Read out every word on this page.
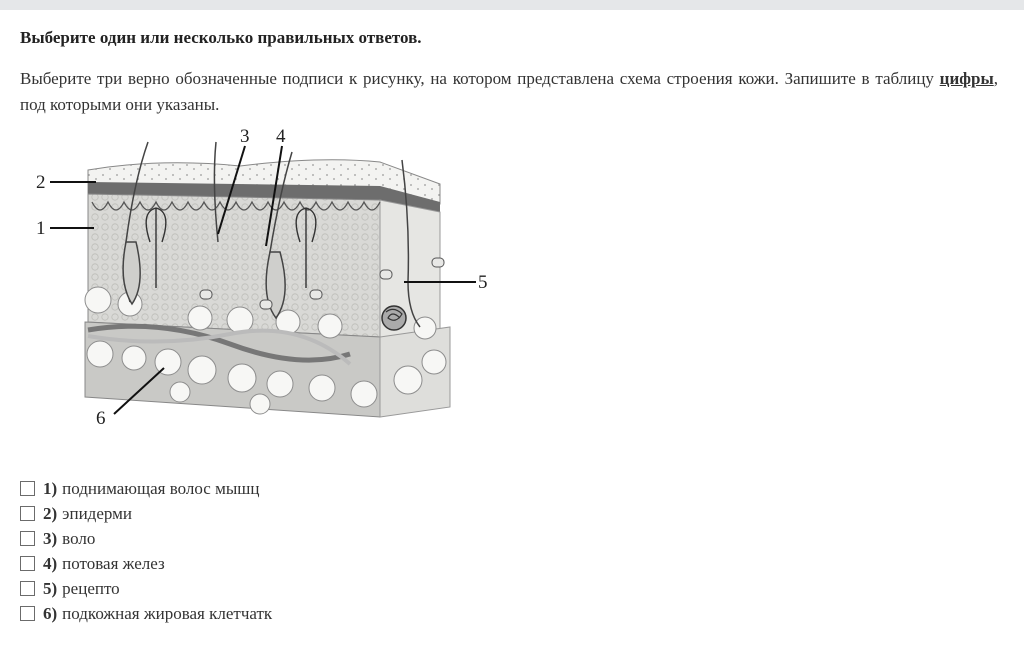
Выберите один или несколько правильных ответов.
Выберите три верно обозначенные подписи к рисунку, на котором представлена схема строения кожи. Запишите в таблицу цифры, под которыми они указаны.
2
1
3 4
5
6
1) поднимающая волос мышц
2) эпидерми
3) воло
4) потовая желез
5) рецепто
6) подкожная жировая клетчатк
